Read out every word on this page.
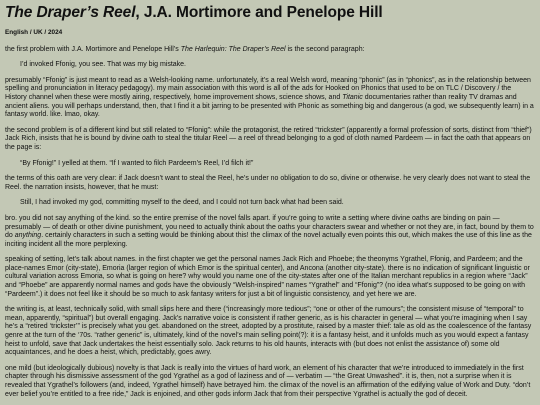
The Draper’s Reel, J.A. Mortimore and Penelope Hill
English / UK / 2024

the first problem with J.A. Mortimore and Penelope Hill’s The Harlequin: The Draper’s Reel is the second paragraph:

I’d invoked Ffonig, you see. That was my big mistake.

presumably “Ffonig” is just meant to read as a Welsh-looking name. unfortunately, it’s a real Welsh word, meaning “phonic” (as in “phonics”, as in the relationship between spelling and pronunciation in literacy pedagogy). my main association with this word is all of the ads for Hooked on Phonics that used to be on TLC / Discovery / the History channel when these were mostly airing, respectively, home improvement shows, science shows, and Titanic documentaries rather than reality TV dramas and ancient aliens. you will perhaps understand, then, that I find it a bit jarring to be presented with Phonic as something big and dangerous (a god, we subsequently learn) in a fantasy world. like. lmao, okay.

the second problem is of a different kind but still related to “Ffonig”: while the protagonist, the retired “trickster” (apparently a formal profession of sorts, distinct from “thief”) Jack Rich, insists that he is bound by divine oath to steal the titular Reel — a reel of thread belonging to a god of cloth named Pardeem — in fact the oath that appears on the page is:

“By Ffonig!” I yelled at them. “If I wanted to filch Pardeem’s Reel, I’d filch it!”

the terms of this oath are very clear: if Jack doesn’t want to steal the Reel, he’s under no obligation to do so, divine or otherwise. he very clearly does not want to steal the Reel. the narration insists, however, that he must:

Still, I had invoked my god, committing myself to the deed, and I could not turn back what had been said.

bro. you did not say anything of the kind. so the entire premise of the novel falls apart. if you’re going to write a setting where divine oaths are binding on pain — presumably — of death or other divine punishment, you need to actually think about the oaths your characters swear and whether or not they are, in fact, bound by them to do anything. certainly characters in such a setting would be thinking about this! the climax of the novel actually even points this out, which makes the use of this line as the inciting incident all the more perplexing.

speaking of setting, let’s talk about names. in the first chapter we get the personal names Jack Rich and Phoebe; the theonyms Ygrathel, Ffonig, and Pardeem; and the place-names Emor (city-state), Emoria (larger region of which Emor is the spiritual center), and Ancona (another city-state). there is no indication of significant linguistic or cultural variation across Emoria, so what is going on here? why would you name one of the city-states after one of the Italian merchant republics in a region where “Jack” and “Phoebe” are apparently normal names and gods have the obviously “Welsh-inspired” names “Ygrathel” and “Ffonig”? (no idea what’s supposed to be going on with “Pardeem”.) it does not feel like it should be so much to ask fantasy writers for just a bit of linguistic consistency, and yet here we are.

the writing is, at least, technically solid, with small slips here and there (“increasingly more tedious”; “one or other of the rumours”; the consistent misuse of “temporal” to mean, apparently, “spiritual”) but overall engaging. Jack’s narrative voice is consistent if rather generic, as is his character in general — what you’re imagining when I say he’s a “retired ‘trickster’” is precisely what you get. abandoned on the street, adopted by a prostitute, raised by a master thief: tale as old as the coalescence of the fantasy genre at the turn of the ‘70s. “rather generic” is, ultimately, kind of the novel’s main selling point(?): it is a fantasy heist, and it unfolds much as you would expect a fantasy heist to unfold, save that Jack undertakes the heist essentially solo. Jack returns to his old haunts, interacts with (but does not enlist the assistance of) some old acquaintances, and he does a heist, which, predictably, goes awry.

one mild (but ideologically dubious) novelty is that Jack is really into the virtues of hard work, an element of his character that we’re introduced to immediately in the first chapter through his dismissive assessment of the god Ygrathel as a god of laziness and of — verbatim — “the Great Unwashed”. it is, then, not a surprise when it is revealed that Ygrathel’s followers (and, indeed, Ygrathel himself) have betrayed him. the climax of the novel is an affirmation of the edifying value of Work and Duty. “don’t ever belief you’re entitled to a free ride,” Jack is enjoined, and other gods inform Jack that from their perspective Ygrathel is actually the god of deceit.
